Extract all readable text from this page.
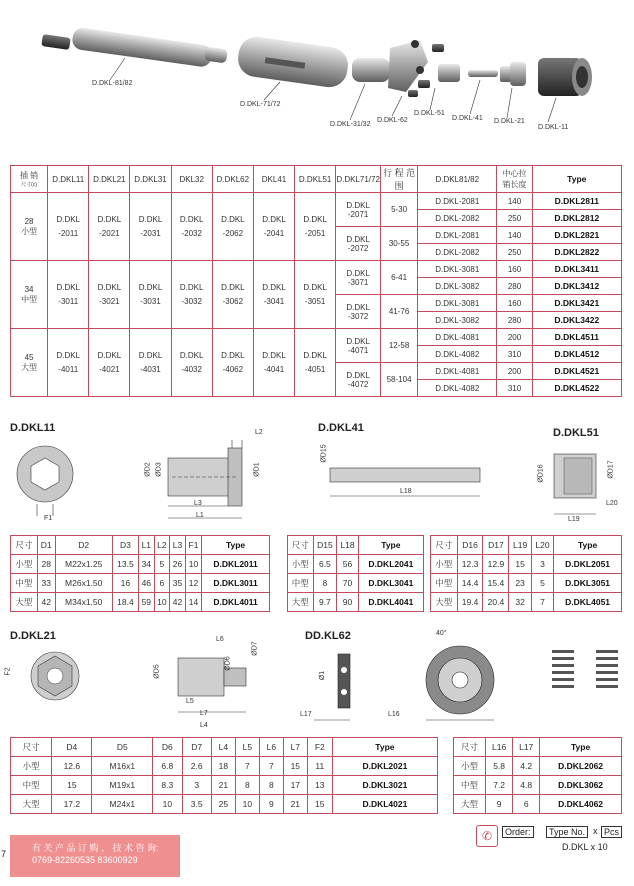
D.DKL-81/82
D.DKL-71/72
D.DKL-31/32
D.DKL-62
D.DKL-51
D.DKL-41 D.DKL-21
D.DKL-11
插 销
尺寸(c)	D.DKL11	D.DKL21	D.DKL31	DKL32	D.DKL62	DKL41	D.DKL51	D.DKL71/72	行 程 范 围	D.DKL81/82	中心拉 销长度	Type

28
小型	D.DKL -2011	D.DKL -2021	D.DKL -2031	D.DKL -2032	D.DKL -2062	D.DKL -2041	D.DKL -2051	D.DKL -2071	5-30	D.DKL-2081	140	D.DKL2811
										D.DKL-2082	250	D.DKL2812
								D.DKL -2072	30-55	D.DKL-2081	140	D.DKL2821
										D.DKL-2082	250	D.DKL2822

34
中型	D.DKL -3011	D.DKL -3021	D.DKL -3031	D.DKL -3032	D.DKL -3062	D.DKL -3041	D.DKL -3051	D.DKL -3071	6-41	D.DKL-3081	160	D.DKL3411
										D.DKL-3082	280	D.DKL3412
								D.DKL -3072	41-76	D.DKL-3081	160	D.DKL3421
										D.DKL-3082	280	D.DKL3422

45
大型	D.DKL -4011	D.DKL -4021	D.DKL -4031	D.DKL -4032	D.DKL -4062	D.DKL -4041	D.DKL -4051	D.DKL -4071	12-58	D.DKL-4081	200	D.DKL4511
										D.DKL-4082	310	D.DKL4512
								D.DKL -4072	58-104	D.DKL-4081	200	D.DKL4521
										D.DKL-4082	310	D.DKL4522
D.DKL11	D.DKL41	D.DKL51
D.DKL21	DD.KL62
L2
ØD2 ØD3	ØD1
L3
L1
F1
ØD15
L18
ØD16	ØD17
L20
L19
尺寸	D1	D2	D3	L1	L2	L3	F1	Type
小型	28	M22x1.25	13.5	34	5	26	10	D.DKL2011
中型	33	M26x1.50	16	46	6	35	12	D.DKL3011
大型	42	M34x1.50	18.4	59	10	42	14	D.DKL4011
尺寸	D15	L18	Type
小型	6.5	56	D.DKL2041
中型	8	70	D.DKL3041
大型	9.7	90	D.DKL4041
尺寸	D16	D17	L19	L20	Type
小型	12.3	12.9	15	3	D.DKL2051
中型	14.4	15.4	23	5	D.DKL3051
大型	19.4	20.4	32	7	D.DKL4051
F2
L6
ØD7
ØD6
ØD5
L5
L7
L4
Ø1
L17	L16
40°
尺寸	D4	D5	D6	D7	L4	L5	L6	L7	F2	Type
小型	12.6	M16x1	6.8	2.6	18	7	7	15	11	D.DKL2021
中型	15	M19x1	8.3	3	21	8	8	17	13	D.DKL3021
大型	17.2	M24x1	10	3.5	25	10	9	21	15	D.DKL4021
尺寸	L16	L17	Type
小型	5.8	4.2	D.DKL2062
中型	7.2	4.8	D.DKL3062
大型	9	6	D.DKL4062
✆	Order:	Type No. x Pcs
D.DKL x 10
有 关 产 品 订 购 、 技 术 咨 询:
0769-82260535 83600929
7
